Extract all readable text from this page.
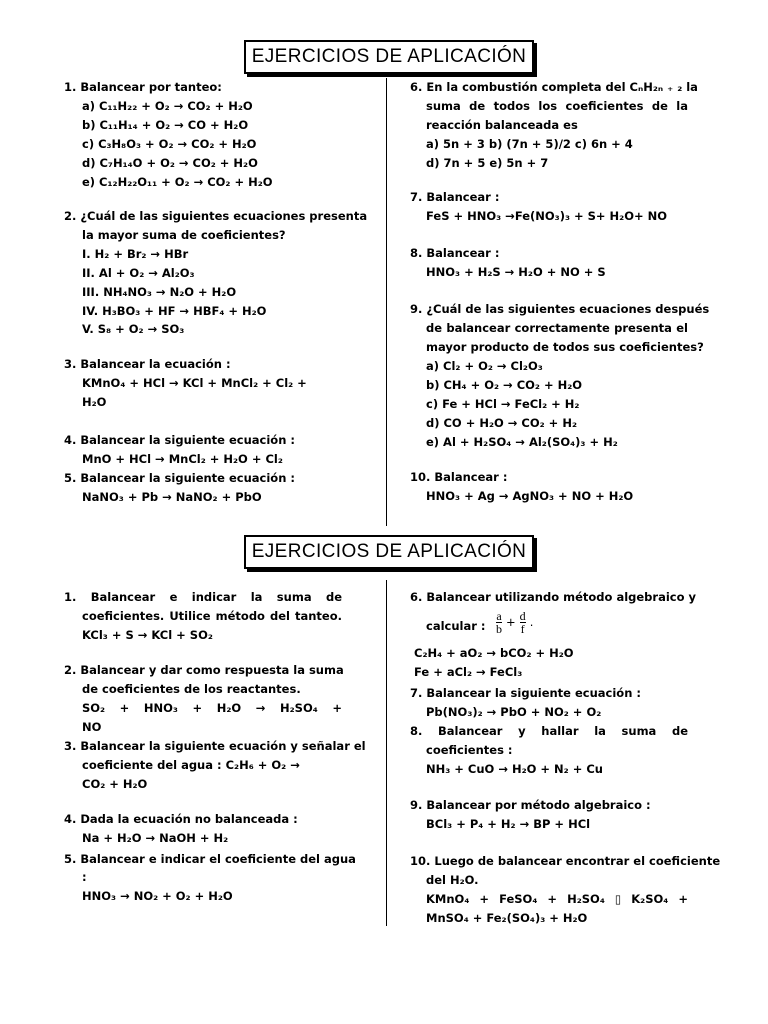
EJERCICIOS DE APLICACIÓN
1. Balancear por tanteo:
a) C₁₁H₂₂ + O₂ → CO₂ + H₂O
b) C₁₁H₁₄ + O₂ → CO + H₂O
c) C₃H₈O₃ + O₂ → CO₂ + H₂O
d) C₇H₁₄O + O₂ → CO₂ + H₂O
e) C₁₂H₂₂O₁₁ + O₂ → CO₂ + H₂O
2. ¿Cuál de las siguientes ecuaciones presenta
la mayor suma de coeficientes?
I. H₂ + Br₂ → HBr
II. Al + O₂ → Al₂O₃
III. NH₄NO₃ → N₂O + H₂O
IV. H₃BO₃ + HF → HBF₄ + H₂O
V. S₈ + O₂ → SO₃
3. Balancear la ecuación :
KMnO₄ + HCl → KCl + MnCl₂ + Cl₂ +
H₂O
4. Balancear la siguiente ecuación :
MnO + HCl → MnCl₂ + H₂O + Cl₂
5. Balancear la siguiente ecuación :
NaNO₃ + Pb → NaNO₂ + PbO
6. En la combustión completa del CₙH₂ₙ ₊ ₂ la
suma de todos los coeficientes de la
reacción balanceada es
a) 5n + 3 b) (7n + 5)/2 c) 6n + 4
d) 7n + 5 e) 5n + 7
7. Balancear :
FeS + HNO₃ →Fe(NO₃)₃ + S+ H₂O+ NO
8. Balancear :
HNO₃ + H₂S → H₂O + NO + S
9. ¿Cuál de las siguientes ecuaciones después
de balancear correctamente presenta el
mayor producto de todos sus coeficientes?
a) Cl₂ + O₂ → Cl₂O₃
b) CH₄ + O₂ → CO₂ + H₂O
c) Fe + HCl → FeCl₂ + H₂
d) CO + H₂O → CO₂ + H₂
e) Al + H₂SO₄ → Al₂(SO₄)₃ + H₂
10. Balancear :
HNO₃ + Ag → AgNO₃ + NO + H₂O
EJERCICIOS DE APLICACIÓN
1. Balancear e indicar la suma de
coeficientes. Utilice método del tanteo.
KCl₃ + S → KCl + SO₂
2. Balancear y dar como respuesta la suma
de coeficientes de los reactantes.
SO₂ + HNO₃ + H₂O → H₂SO₄ +
NO
3. Balancear la siguiente ecuación y señalar el
coeficiente del agua : C₂H₆ + O₂ →
CO₂ + H₂O
4. Dada la ecuación no balanceada :
Na + H₂O → NaOH + H₂
5. Balancear e indicar el coeficiente del agua
:
HNO₃ → NO₂ + O₂ + H₂O
6. Balancear utilizando método algebraico y
calcular :
C₂H₄ + aO₂ → bCO₂ + H₂O
Fe + aCl₂ → FeCl₃
7. Balancear la siguiente ecuación :
Pb(NO₃)₂ → PbO + NO₂ + O₂
8. Balancear y hallar la suma de
coeficientes :
NH₃ + CuO → H₂O + N₂ + Cu
9. Balancear por método algebraico :
BCl₃ + P₄ + H₂ → BP + HCl
10. Luego de balancear encontrar el coeficiente
del H₂O.
KMnO₄ + FeSO₄ + H₂SO₄ ▯ K₂SO₄ +
MnSO₄ + Fe₂(SO₄)₃ + H₂O
$\frac{a}{b} + \frac{d}{f}$ .
